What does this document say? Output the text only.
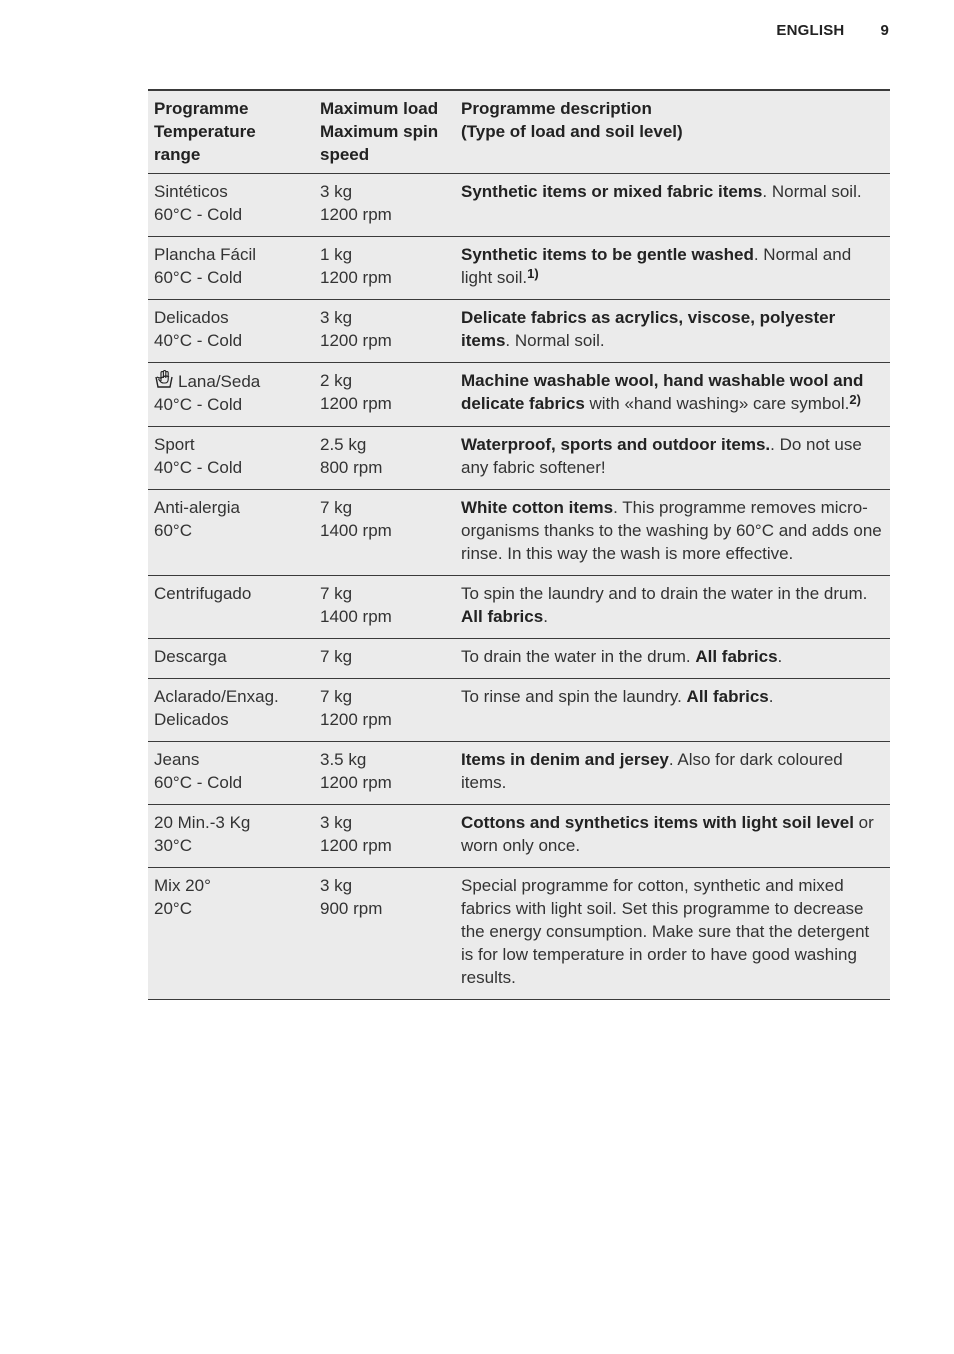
ENGLISH 9
Programme
Temperature
range	Maximum load
Maximum spin
speed	Programme description
(Type of load and soil level)

Sintéticos
60°C - Cold	3 kg
1200 rpm	Synthetic items or mixed fabric items. Normal soil.

Plancha Fácil
60°C - Cold	1 kg
1200 rpm	Synthetic items to be gentle washed. Normal and light soil.$^{1)}$

Delicados
40°C - Cold	3 kg
1200 rpm	Delicate fabrics as acrylics, viscose, polyester items. Normal soil.

Lana/Seda
40°C - Cold	2 kg
1200 rpm	Machine washable wool, hand washable wool and delicate fabrics with «hand washing» care symbol.$^{2)}$

Sport
40°C - Cold	2.5 kg
800 rpm	Waterproof, sports and outdoor items.. Do not use any fabric softener!

Anti-alergia
60°C	7 kg
1400 rpm	White cotton items. This programme removes micro-organisms thanks to the washing by 60°C and adds one rinse. In this way the wash is more effective.

Centrifugado	7 kg
1400 rpm	To spin the laundry and to drain the water in the drum. All fabrics.

Descarga	7 kg	To drain the water in the drum. All fabrics.

Aclarado/Enxag.
Delicados	7 kg
1200 rpm	To rinse and spin the laundry. All fabrics.

Jeans
60°C - Cold	3.5 kg
1200 rpm	Items in denim and jersey. Also for dark coloured items.

20 Min.-3 Kg
30°C	3 kg
1200 rpm	Cottons and synthetics items with light soil level or worn only once.

Mix 20°
20°C	3 kg
900 rpm	Special programme for cotton, synthetic and mixed fabrics with light soil. Set this programme to decrease the energy consumption. Make sure that the detergent is for low temperature in order to have good washing results.
